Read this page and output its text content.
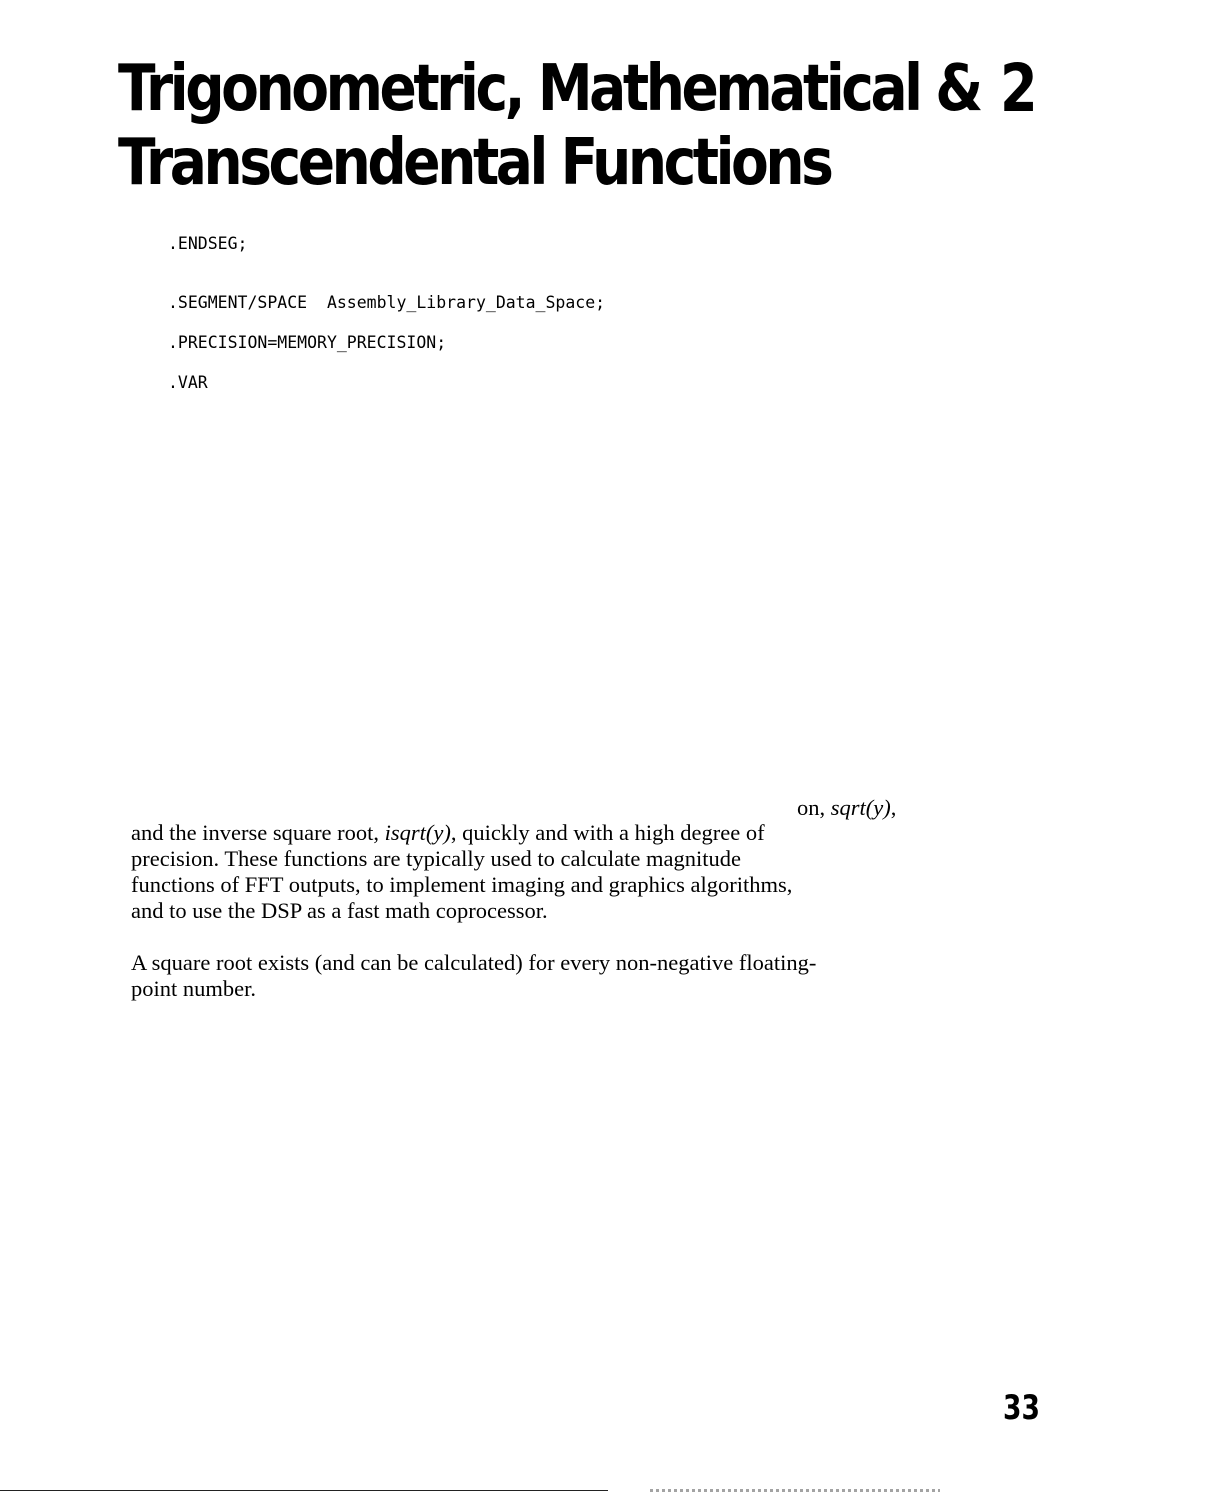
Trigonometric, Mathematical &
Transcendental Functions
2
.ENDSEG;
.SEGMENT/SPACE  Assembly_Library_Data_Space;
.PRECISION=MEMORY_PRECISION;
.VAR
on, sqrt(y),
and the inverse square root, isqrt(y), quickly and with a high degree of
precision. These functions are typically used to calculate magnitude
functions of FFT outputs, to implement imaging and graphics algorithms,
and to use the DSP as a fast math coprocessor.
A square root exists (and can be calculated) for every non-negative floating-
point number.
33
